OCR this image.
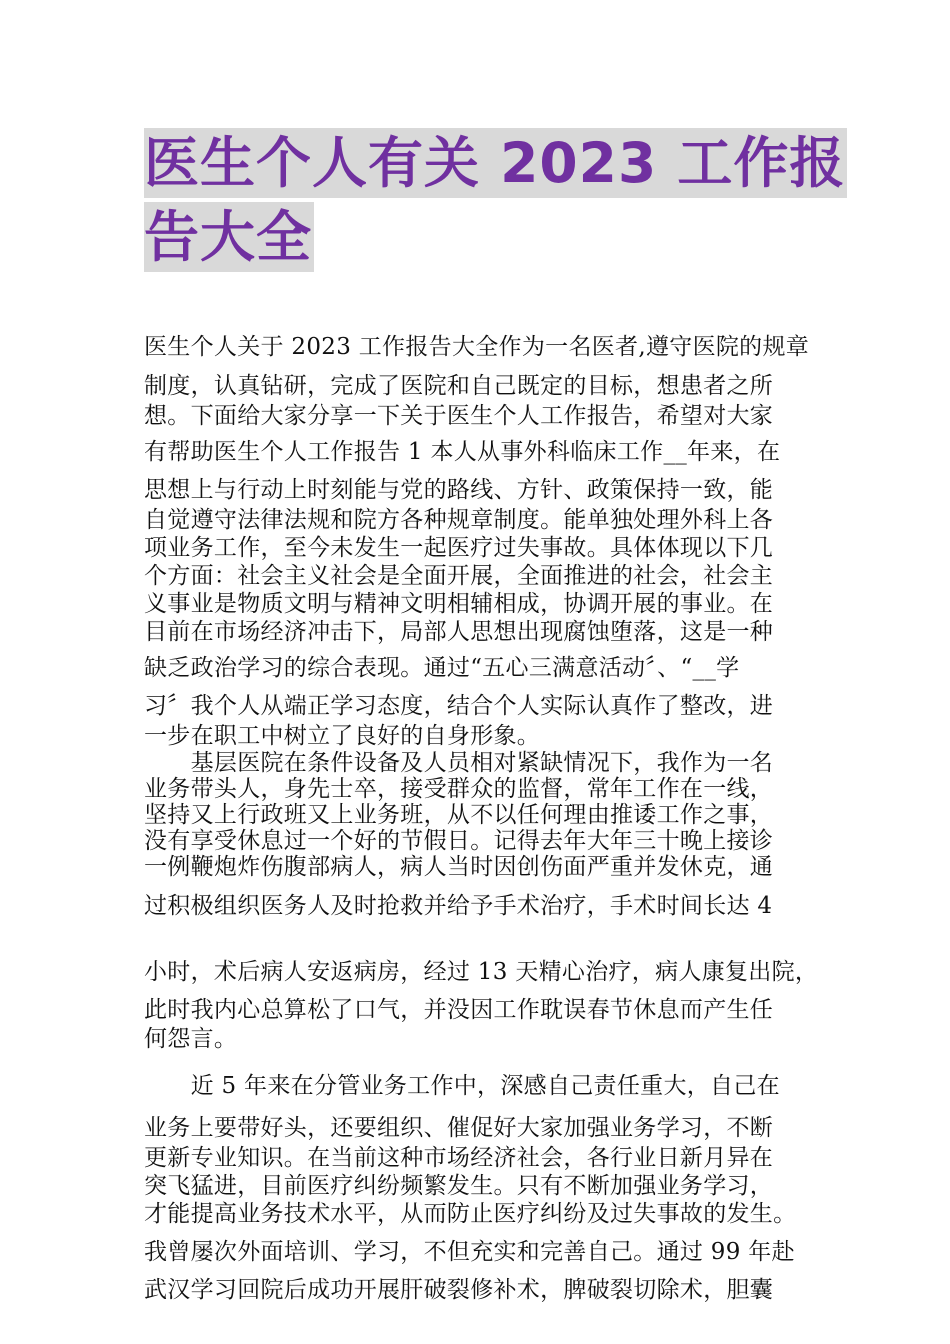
医生个人有关 2023 工作报
告大全
医生个人关于 2023 工作报告大全作为一名医者,遵守医院的规章
制度，认真钻研，完成了医院和自己既定的目标，想患者之所
想。下面给大家分享一下关于医生个人工作报告，希望对大家
有帮助医生个人工作报告 1 本人从事外科临床工作__年来，在
思想上与行动上时刻能与党的路线、方针、政策保持一致，能
自觉遵守法律法规和院方各种规章制度。能单独处理外科上各
项业务工作，至今未发生一起医疗过失事故。具体体现以下几
个方面：社会主义社会是全面开展，全面推进的社会，社会主
义事业是物质文明与精神文明相辅相成，协调开展的事业。在
目前在市场经济冲击下，局部人思想出现腐蚀堕落，这是一种
缺乏政治学习的综合表现。通过“五心三满意活动〞、“__学
习〞我个人从端正学习态度，结合个人实际认真作了整改，进
一步在职工中树立了良好的自身形象。
　　基层医院在条件设备及人员相对紧缺情况下，我作为一名
业务带头人，身先士卒，接受群众的监督，常年工作在一线，
坚持又上行政班又上业务班，从不以任何理由推诿工作之事，
没有享受休息过一个好的节假日。记得去年大年三十晚上接诊
一例鞭炮炸伤腹部病人，病人当时因创伤面严重并发休克，通
过积极组织医务人及时抢救并给予手术治疗，手术时间长达 4
小时，术后病人安返病房，经过 13 天精心治疗，病人康复出院，
此时我内心总算松了口气，并没因工作耽误春节休息而产生任
何怨言。
　　近 5 年来在分管业务工作中，深感自己责任重大，自己在
业务上要带好头，还要组织、催促好大家加强业务学习，不断
更新专业知识。在当前这种市场经济社会，各行业日新月异在
突飞猛进，目前医疗纠纷频繁发生。只有不断加强业务学习，
才能提高业务技术水平，从而防止医疗纠纷及过失事故的发生。
我曾屡次外面培训、学习，不但充实和完善自己。通过 99 年赴
武汉学习回院后成功开展肝破裂修补术，脾破裂切除术，胆囊
